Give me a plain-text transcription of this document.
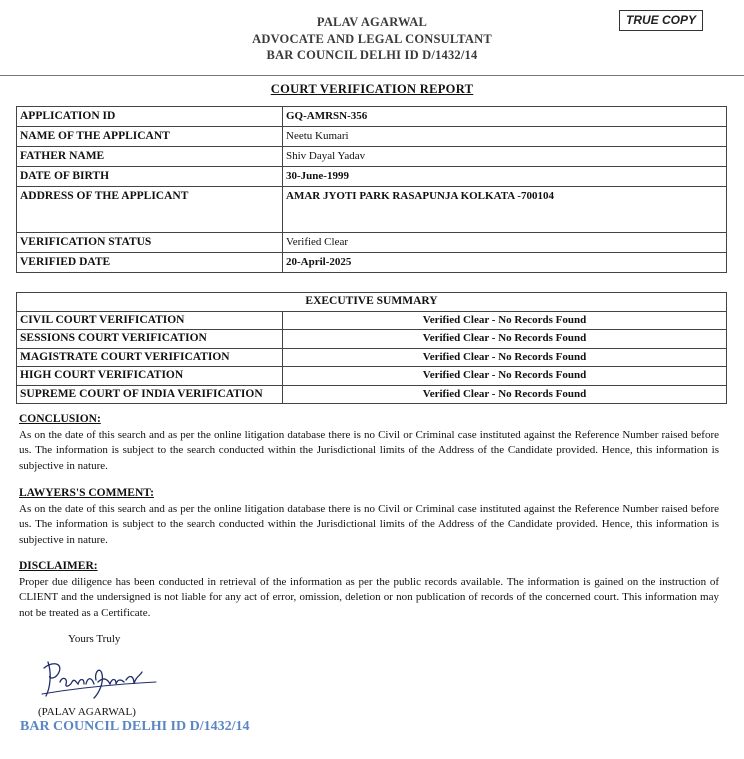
PALAV AGARWAL
ADVOCATE AND LEGAL CONSULTANT
BAR COUNCIL DELHI ID D/1432/14
TRUE COPY
COURT VERIFICATION REPORT
APPLICATION ID	GQ-AMRSN-356
NAME OF THE APPLICANT	Neetu Kumari
FATHER NAME	Shiv Dayal Yadav
DATE OF BIRTH	30-June-1999
ADDRESS OF THE APPLICANT	AMAR JYOTI PARK RASAPUNJA KOLKATA -700104
VERIFICATION STATUS	Verified Clear
VERIFIED DATE	20-April-2025
EXECUTIVE SUMMARY	
CIVIL COURT VERIFICATION	Verified Clear - No Records Found
SESSIONS COURT VERIFICATION	Verified Clear - No Records Found
MAGISTRATE COURT VERIFICATION	Verified Clear - No Records Found
HIGH COURT VERIFICATION	Verified Clear - No Records Found
SUPREME COURT OF INDIA VERIFICATION	Verified Clear - No Records Found
CONCLUSION:

As on the date of this search and as per the online litigation database there is no Civil or Criminal case instituted against the Reference Number raised before us. The information is subject to the search conducted within the Jurisdictional limits of the Address of the Candidate provided. Hence, this information is subjective in nature.

LAWYERS'S COMMENT:

As on the date of this search and as per the online litigation database there is no Civil or Criminal case instituted against the Reference Number raised before us. The information is subject to the search conducted within the Jurisdictional limits of the Address of the Candidate provided. Hence, this information is subjective in nature.

DISCLAIMER:

Proper due diligence has been conducted in retrieval of the information as per the public records available. The information is gained on the instruction of CLIENT and the undersigned is not liable for any act of error, omission, deletion or non publication of records of the concerned court. This information may not be treated as a Certificate.

Yours Truly
(PALAV AGARWAL)
BAR COUNCIL DELHI ID D/1432/14
